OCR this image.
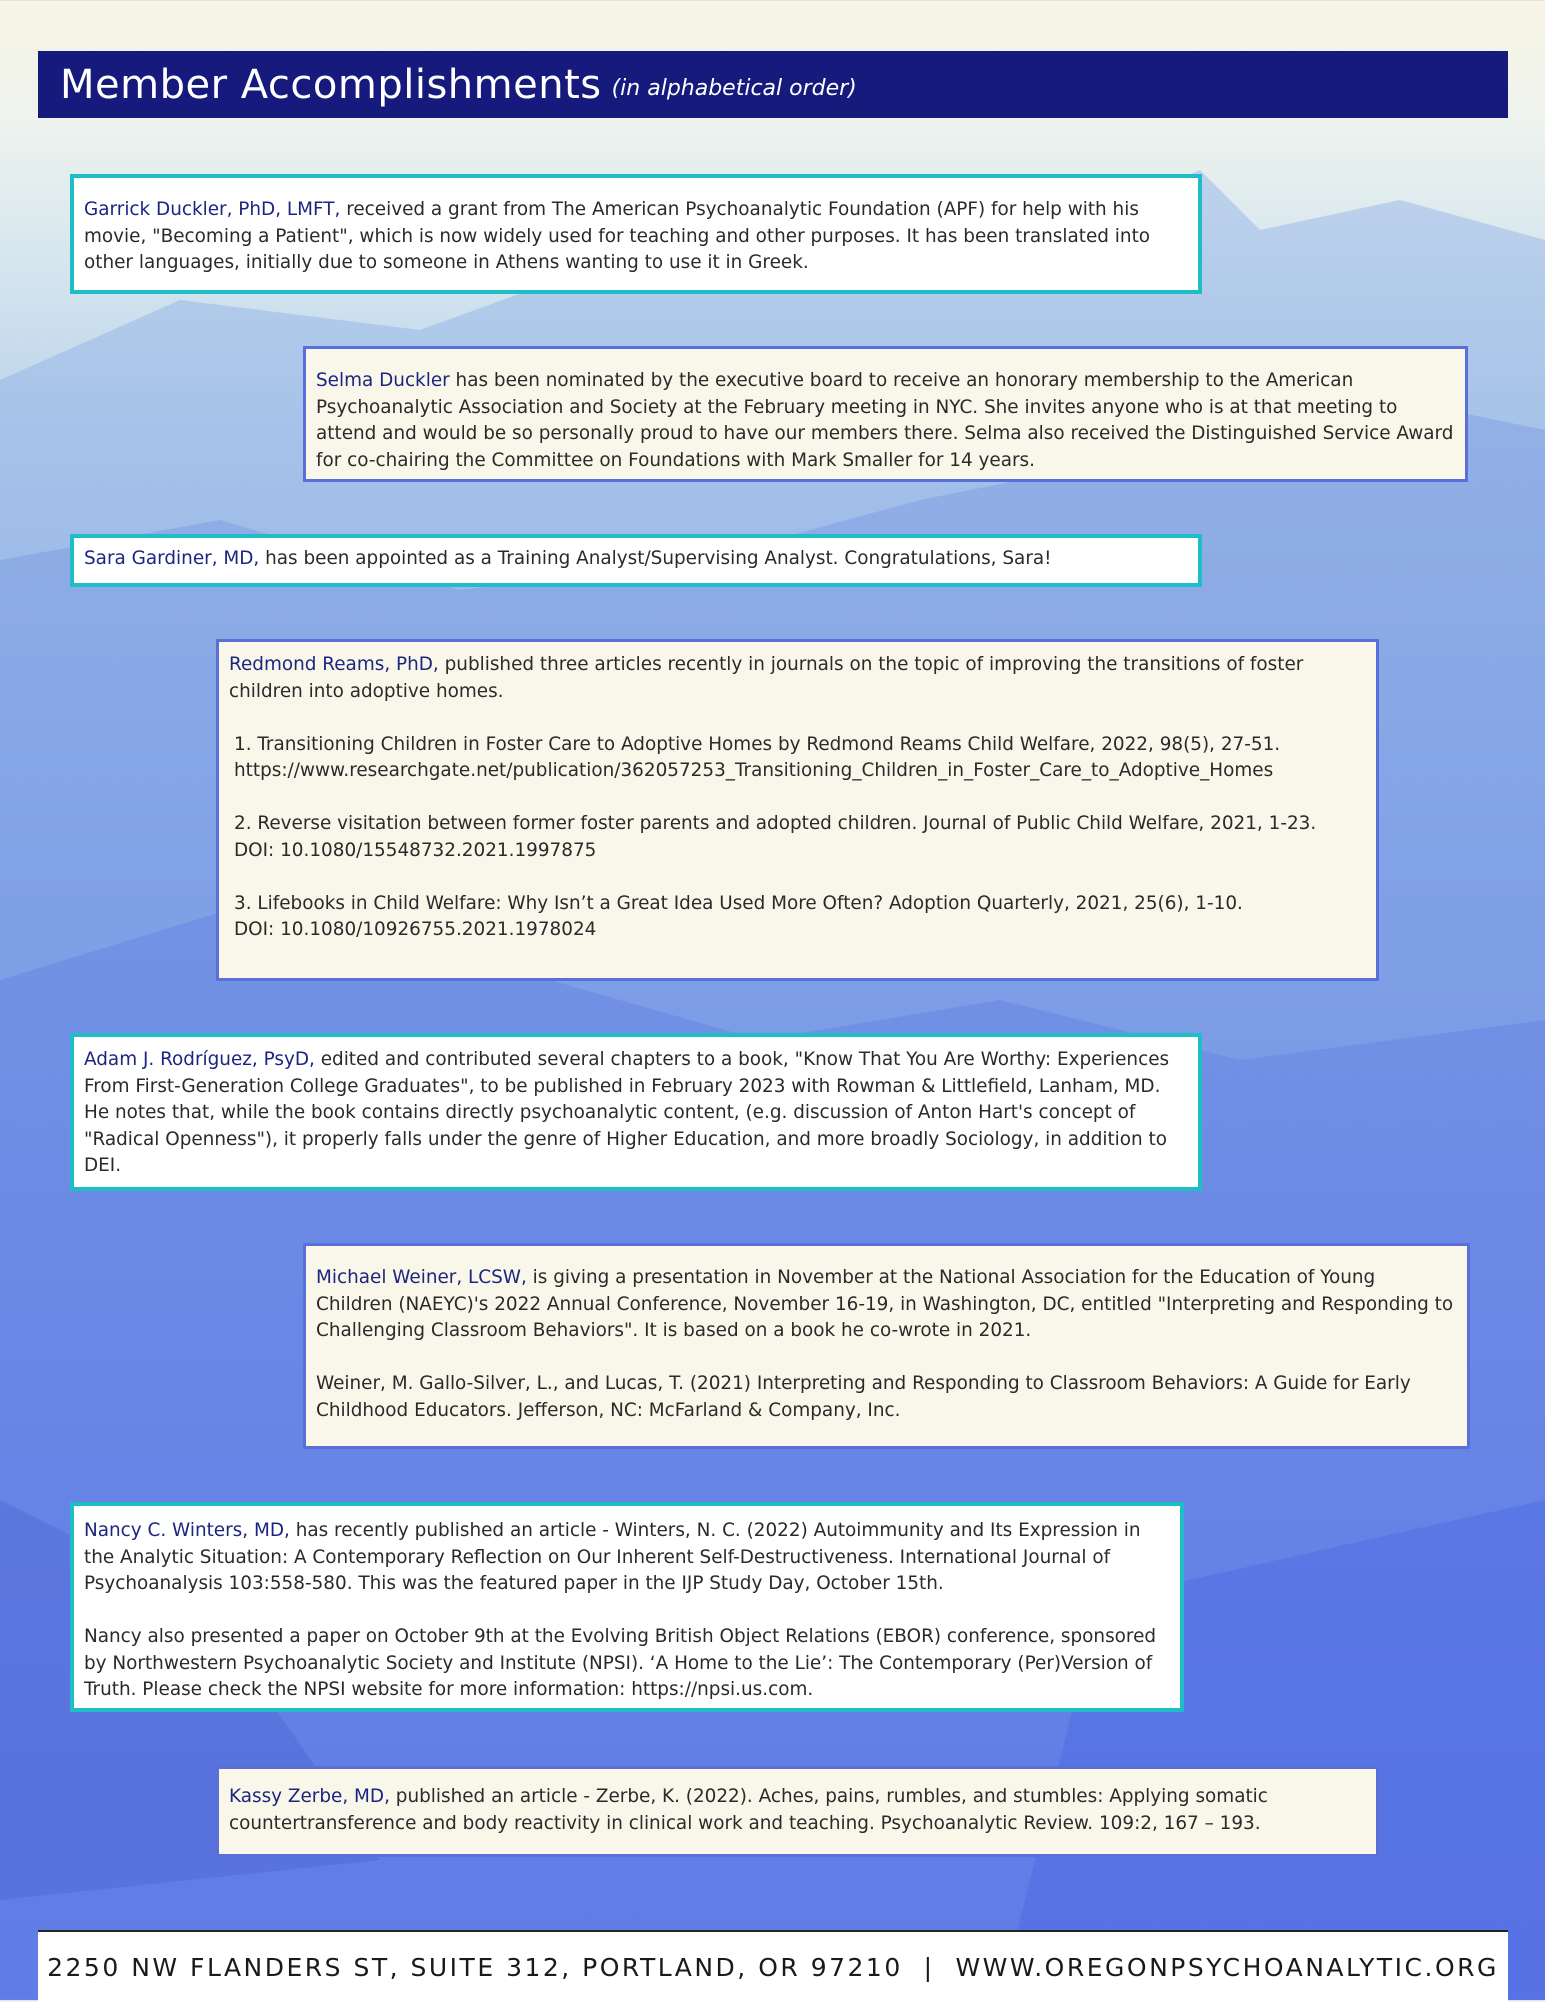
Member Accomplishments (in alphabetical order)

Garrick Duckler, PhD, LMFT, received a grant from The American Psychoanalytic Foundation (APF) for help with his movie, "Becoming a Patient", which is now widely used for teaching and other purposes. It has been translated into other languages, initially due to someone in Athens wanting to use it in Greek.

Selma Duckler has been nominated by the executive board to receive an honorary membership to the American Psychoanalytic Association and Society at the February meeting in NYC. She invites anyone who is at that meeting to attend and would be so personally proud to have our members there. Selma also received the Distinguished Service Award for co-chairing the Committee on Foundations with Mark Smaller for 14 years.

Sara Gardiner, MD, has been appointed as a Training Analyst/Supervising Analyst. Congratulations, Sara!

Redmond Reams, PhD, published three articles recently in journals on the topic of improving the transitions of foster children into adoptive homes.

1. Transitioning Children in Foster Care to Adoptive Homes by Redmond Reams Child Welfare, 2022, 98(5), 27-51.

https://www.researchgate.net/publication/362057253_Transitioning_Children_in_Foster_Care_to_Adoptive_Homes

2. Reverse visitation between former foster parents and adopted children. Journal of Public Child Welfare, 2021, 1-23.

DOI: 10.1080/15548732.2021.1997875

3. Lifebooks in Child Welfare: Why Isn’t a Great Idea Used More Often? Adoption Quarterly, 2021, 25(6), 1-10.

DOI: 10.1080/10926755.2021.1978024

Adam J. Rodríguez, PsyD, edited and contributed several chapters to a book, "Know That You Are Worthy: Experiences From First-Generation College Graduates", to be published in February 2023 with Rowman & Littlefield, Lanham, MD. He notes that, while the book contains directly psychoanalytic content, (e.g. discussion of Anton Hart's concept of "Radical Openness"), it properly falls under the genre of Higher Education, and more broadly Sociology, in addition to DEI.

Michael Weiner, LCSW, is giving a presentation in November at the National Association for the Education of Young Children (NAEYC)'s 2022 Annual Conference, November 16-19, in Washington, DC, entitled "Interpreting and Responding to Challenging Classroom Behaviors". It is based on a book he co-wrote in 2021.

Weiner, M. Gallo-Silver, L., and Lucas, T. (2021) Interpreting and Responding to Classroom Behaviors: A Guide for Early Childhood Educators. Jefferson, NC: McFarland & Company, Inc.

Nancy C. Winters, MD, has recently published an article - Winters, N. C. (2022) Autoimmunity and Its Expression in the Analytic Situation: A Contemporary Reflection on Our Inherent Self-Destructiveness. International Journal of Psychoanalysis 103:558-580. This was the featured paper in the IJP Study Day, October 15th.

Nancy also presented a paper on October 9th at the Evolving British Object Relations (EBOR) conference, sponsored by Northwestern Psychoanalytic Society and Institute (NPSI). ‘A Home to the Lie’: The Contemporary (Per)Version of Truth. Please check the NPSI website for more information: https://npsi.us.com.

Kassy Zerbe, MD, published an article - Zerbe, K. (2022). Aches, pains, rumbles, and stumbles: Applying somatic countertransference and body reactivity in clinical work and teaching. Psychoanalytic Review. 109:2, 167 – 193.

2250 NW FLANDERS ST, SUITE 312, PORTLAND, OR 97210  |  WWW.OREGONPSYCHOANALYTIC.ORG
